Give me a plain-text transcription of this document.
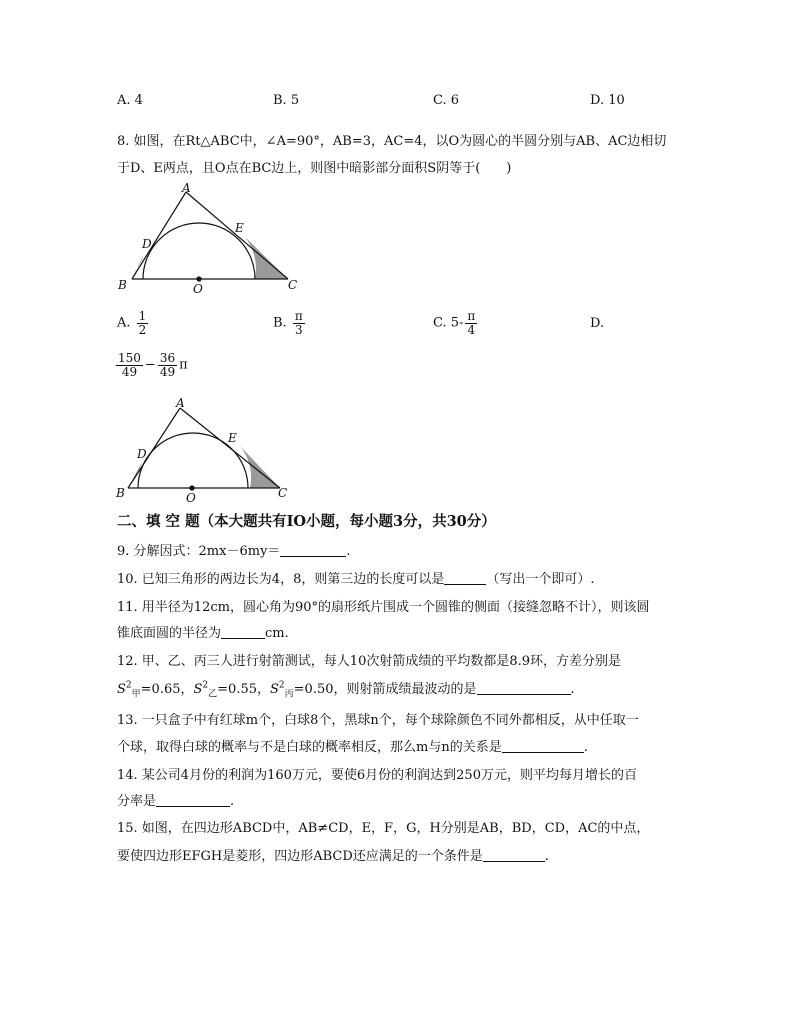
A. 4	B. 5	C. 6	D. 10
8. 如图，在Rt△ABC中，∠A=90°，AB=3，AC=4，以O为圆心的半圆分别与AB、AC边相切
于D、E两点，且O点在BC边上，则图中暗影部分面积S阴等于(　　)
A
B	C
D
E
O
A. $\frac{1}{2}$	B. $\frac{\pi}{3}$	C. $5- \frac{\pi}{4}$	D.
$\frac{150}{49} - \frac{36}{49}$ π
A
B	C
D
E
O
二、填 空 题（本大题共有IO小题，每小题3分，共30分）
9. 分解因式：2mx－6my＝	.
10. 已知三角形的两边长为4，8，则第三边的长度可以是	（写出一个即可）.
11. 用半径为12cm，圆心角为90°的扇形纸片围成一个圆锥的侧面（接缝忽略不计），则该圆
锥底面圆的半径为	cm.
12. 甲、乙、丙三人进行射箭测试，每人10次射箭成绩的平均数都是8.9环，方差分别是
$S^2_甲=0.65$，$S^2_乙=0.55$，$S^2_丙=0.50$，则射箭成绩最波动的是	.
13. 一只盒子中有红球m个，白球8个，黑球n个，每个球除颜色不同外都相反，从中任取一
个球，取得白球的概率与不是白球的概率相反，那么m与n的关系是	.
14. 某公司4月份的利润为160万元，要使6月份的利润达到250万元，则平均每月增长的百
分率是	.
15. 如图，在四边形ABCD中，AB≠CD，E，F，G，H分别是AB，BD，CD，AC的中点，
要使四边形EFGH是菱形，四边形ABCD还应满足的一个条件是	.
